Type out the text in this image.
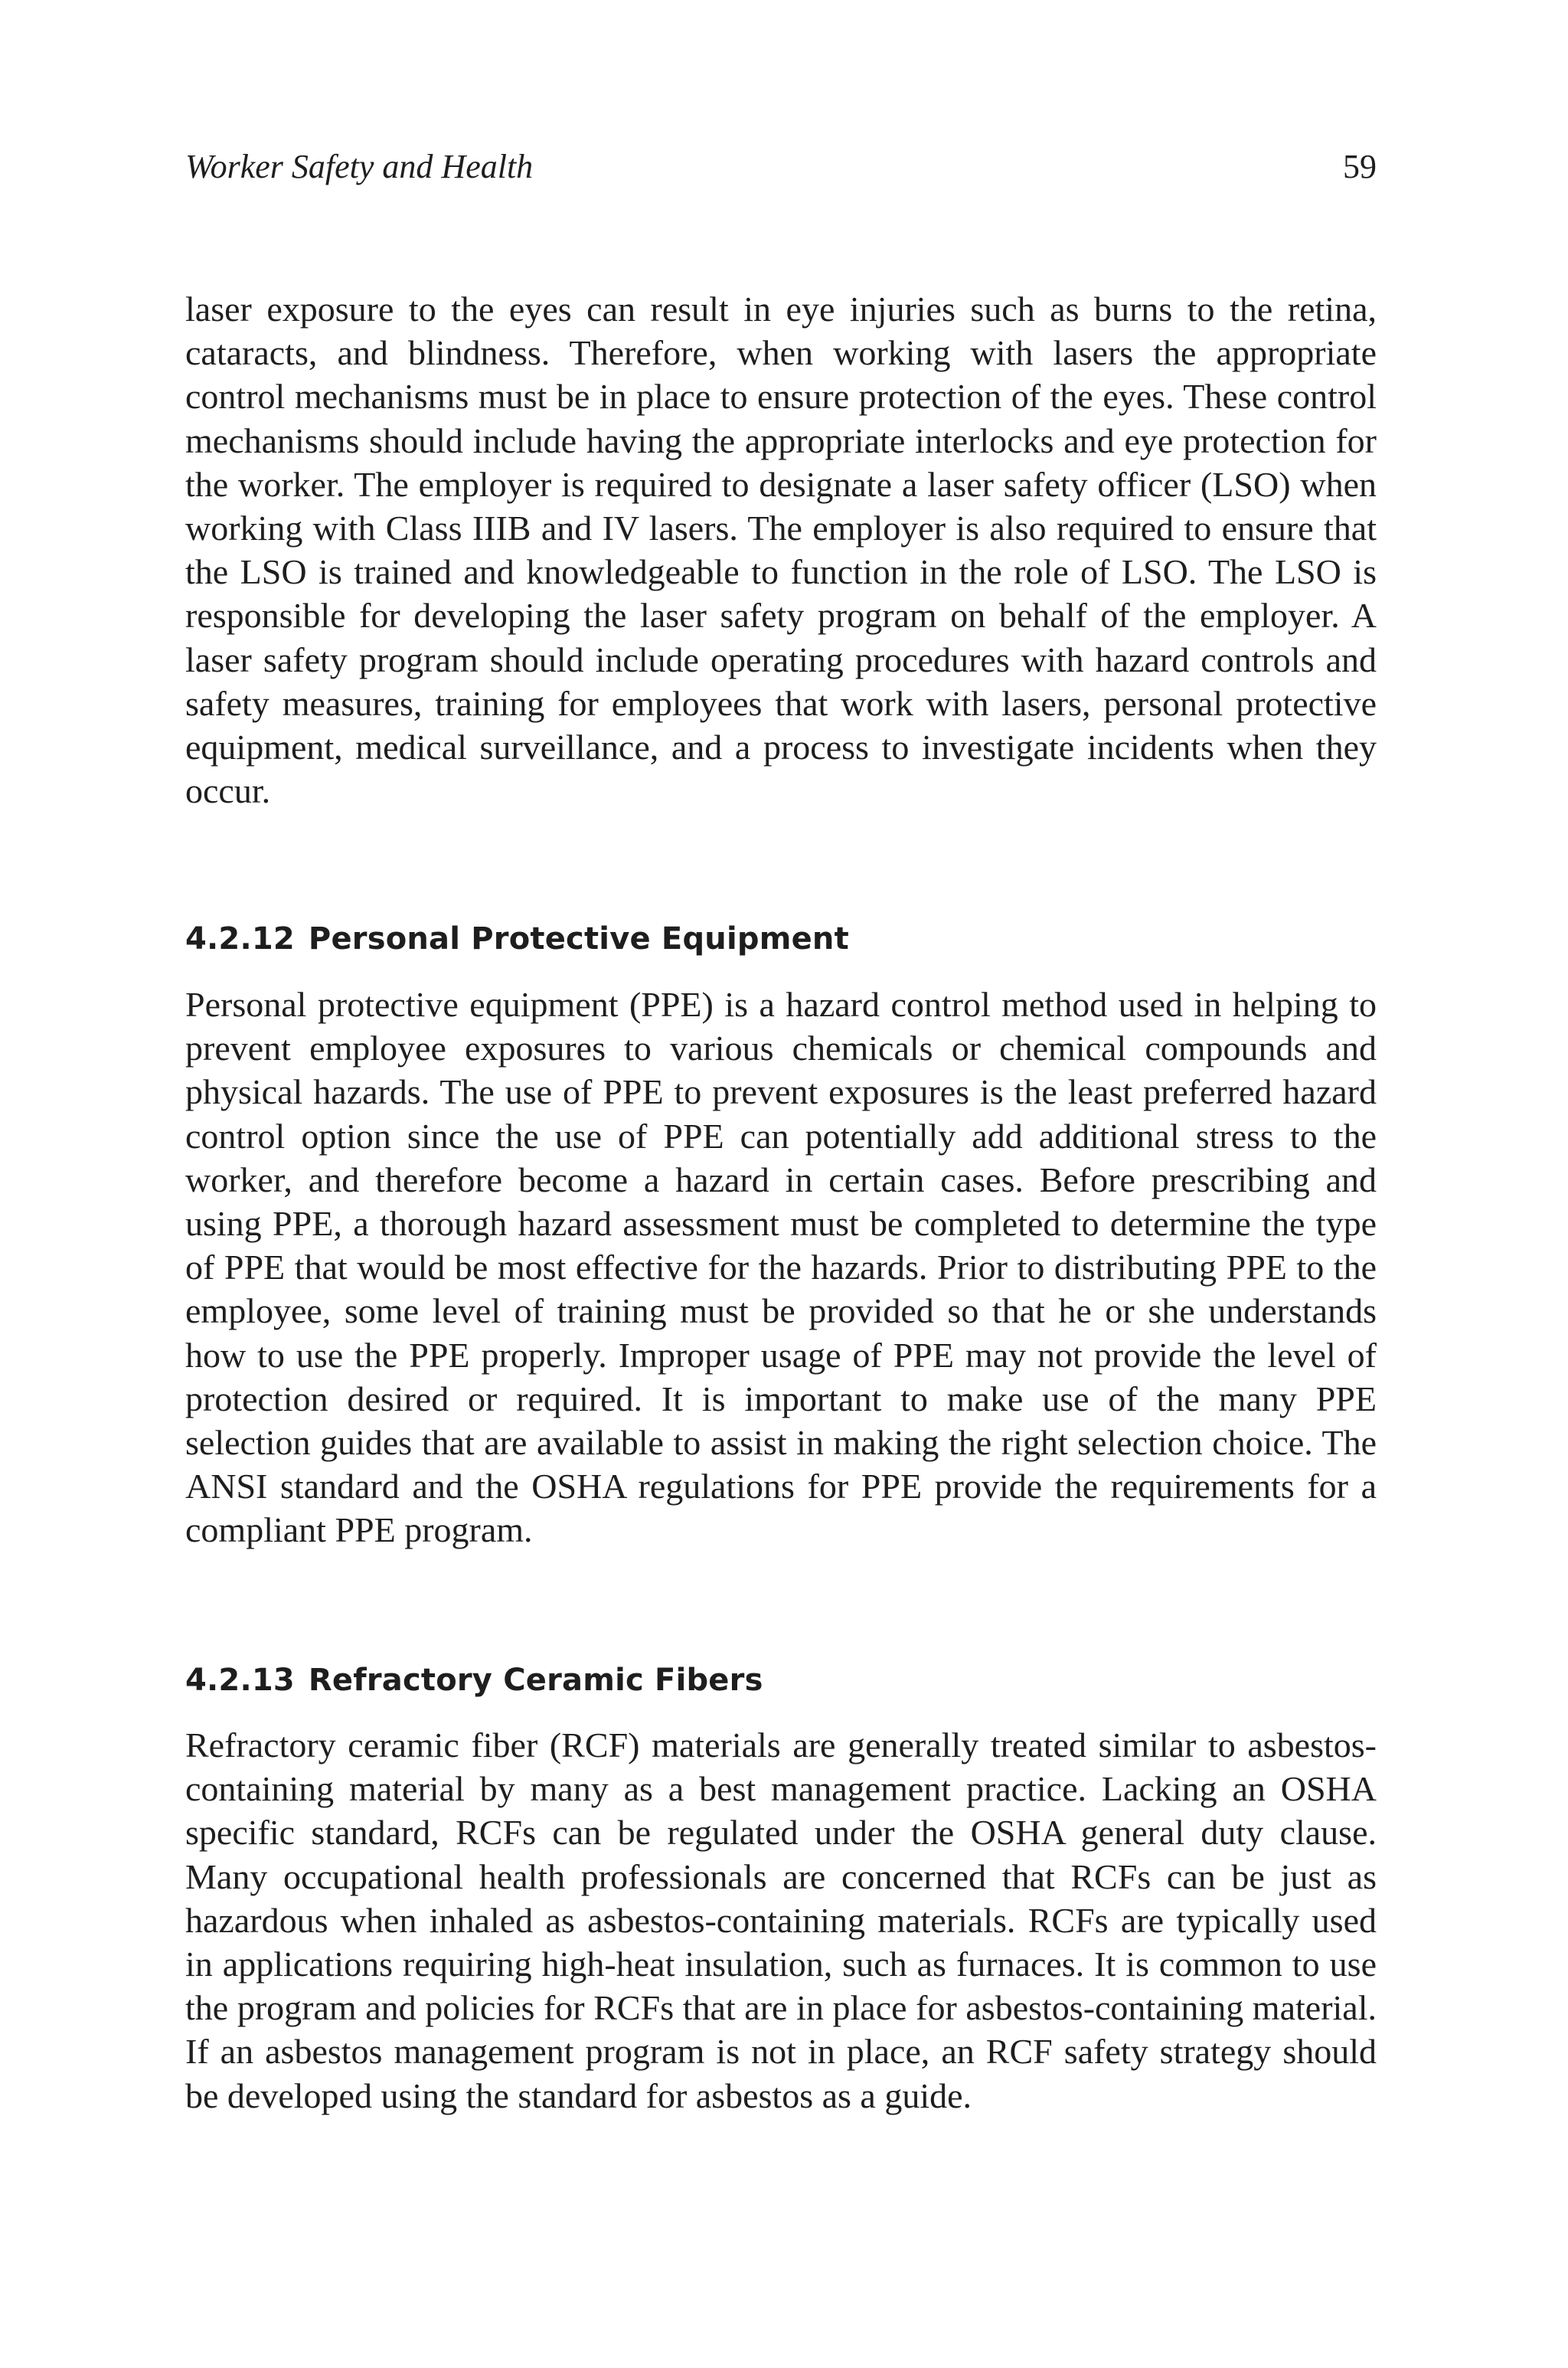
Worker Safety and Health	59

laser exposure to the eyes can result in eye injuries such as burns to the retina, cataracts, and blindness. Therefore, when working with lasers the appropriate control mechanisms must be in place to ensure protection of the eyes. These control mechanisms should include having the appropriate interlocks and eye protection for the worker. The employer is required to designate a laser safety officer (LSO) when working with Class IIIB and IV lasers. The employer is also required to ensure that the LSO is trained and knowledgeable to function in the role of LSO. The LSO is responsible for developing the laser safety program on behalf of the employer. A laser safety program should include operating procedures with hazard controls and safety measures, training for employees that work with lasers, personal protective equipment, medical surveillance, and a process to investigate incidents when they occur.

4.2.12 Personal Protective Equipment

Personal protective equipment (PPE) is a hazard control method used in helping to prevent employee exposures to various chemicals or chemical compounds and physical hazards. The use of PPE to prevent exposures is the least preferred hazard control option since the use of PPE can potentially add additional stress to the worker, and therefore become a hazard in certain cases. Before prescribing and using PPE, a thorough hazard assessment must be completed to determine the type of PPE that would be most effective for the hazards. Prior to distributing PPE to the employee, some level of training must be provided so that he or she understands how to use the PPE properly. Improper usage of PPE may not provide the level of protection desired or required. It is important to make use of the many PPE selection guides that are available to assist in making the right selection choice. The ANSI standard and the OSHA regulations for PPE provide the requirements for a compliant PPE program.

4.2.13 Refractory Ceramic Fibers

Refractory ceramic fiber (RCF) materials are generally treated similar to asbestos-containing material by many as a best management practice. Lacking an OSHA specific standard, RCFs can be regulated under the OSHA general duty clause. Many occupational health professionals are concerned that RCFs can be just as hazardous when inhaled as asbestos-containing materials. RCFs are typically used in applications requiring high-heat insulation, such as furnaces. It is common to use the program and policies for RCFs that are in place for asbestos-containing material. If an asbestos management program is not in place, an RCF safety strategy should be developed using the standard for asbestos as a guide.
